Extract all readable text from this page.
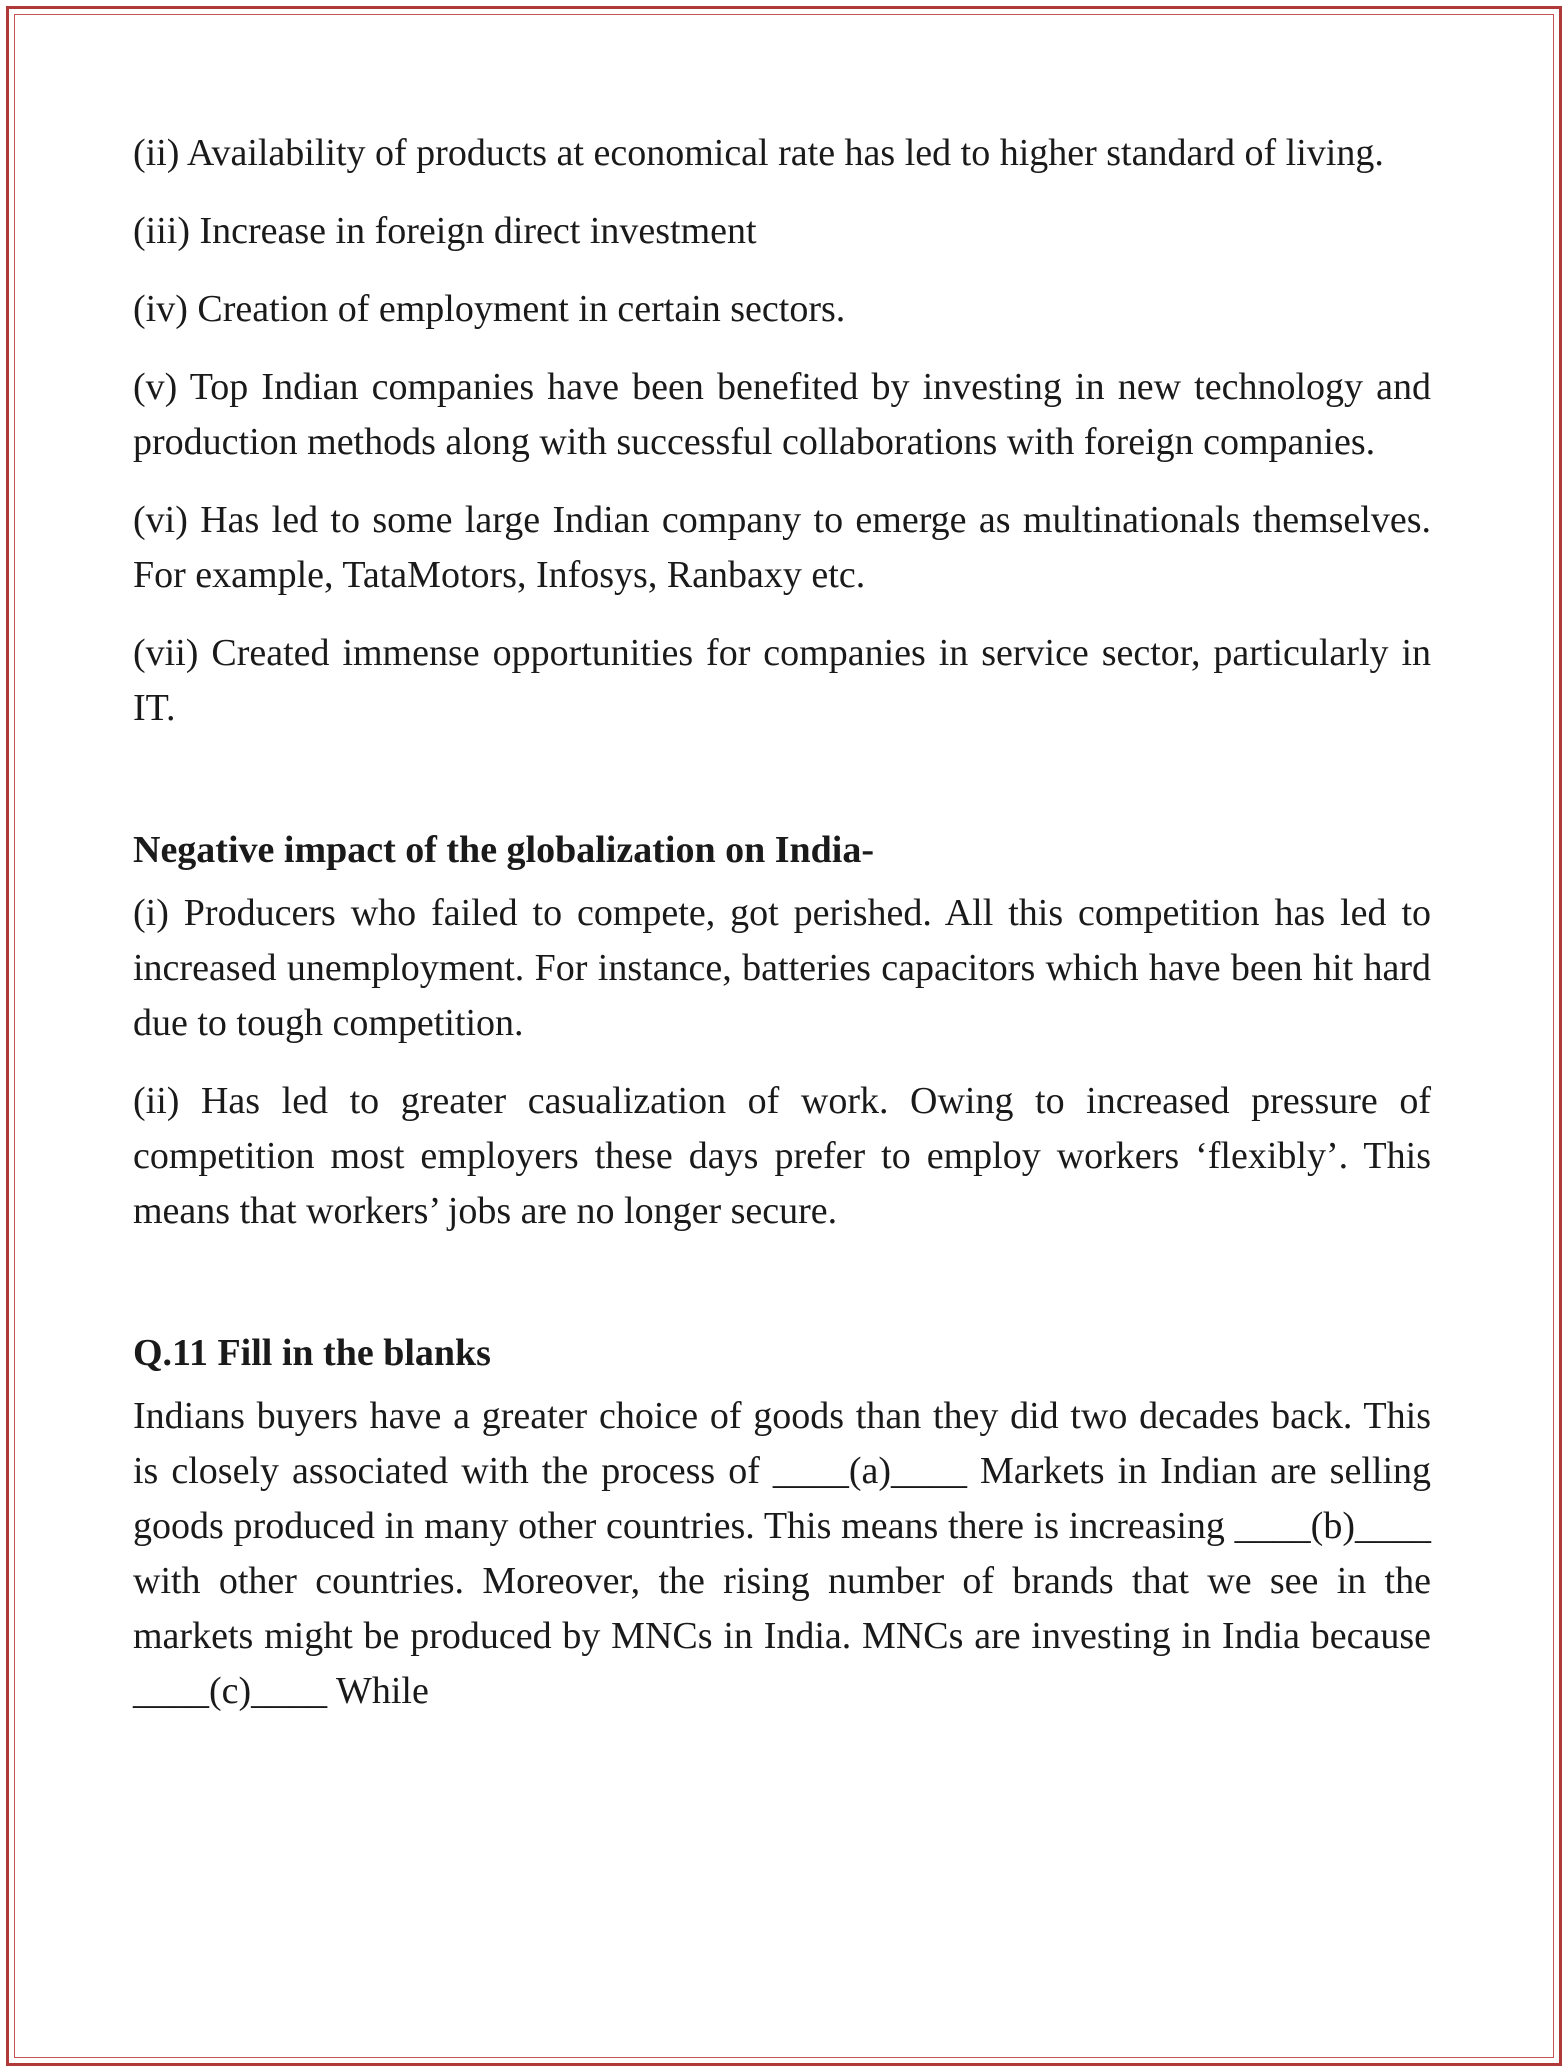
(ii) Availability of products at economical rate has led to higher standard of living.

(iii) Increase in foreign direct investment

(iv) Creation of employment in certain sectors.

(v) Top Indian companies have been benefited by investing in new technology and production methods along with successful collaborations with foreign companies.

(vi) Has led to some large Indian company to emerge as multinationals themselves. For example, TataMotors, Infosys, Ranbaxy etc.

(vii) Created immense opportunities for companies in service sector, particularly in IT.

Negative impact of the globalization on India-

(i) Producers who failed to compete, got perished. All this competition has led to increased unemployment. For instance, batteries capacitors which have been hit hard due to tough competition.

(ii) Has led to greater casualization of work. Owing to increased pressure of competition most employers these days prefer to employ workers ‘flexibly’. This means that workers’ jobs are no longer secure.

Q.11 Fill in the blanks

Indians buyers have a greater choice of goods than they did two decades back. This is closely associated with the process of ____(a)____ Markets in Indian are selling goods produced in many other countries. This means there is increasing ____(b)____ with other countries. Moreover, the rising number of brands that we see in the markets might be produced by MNCs in India. MNCs are investing in India because ____(c)____ While
